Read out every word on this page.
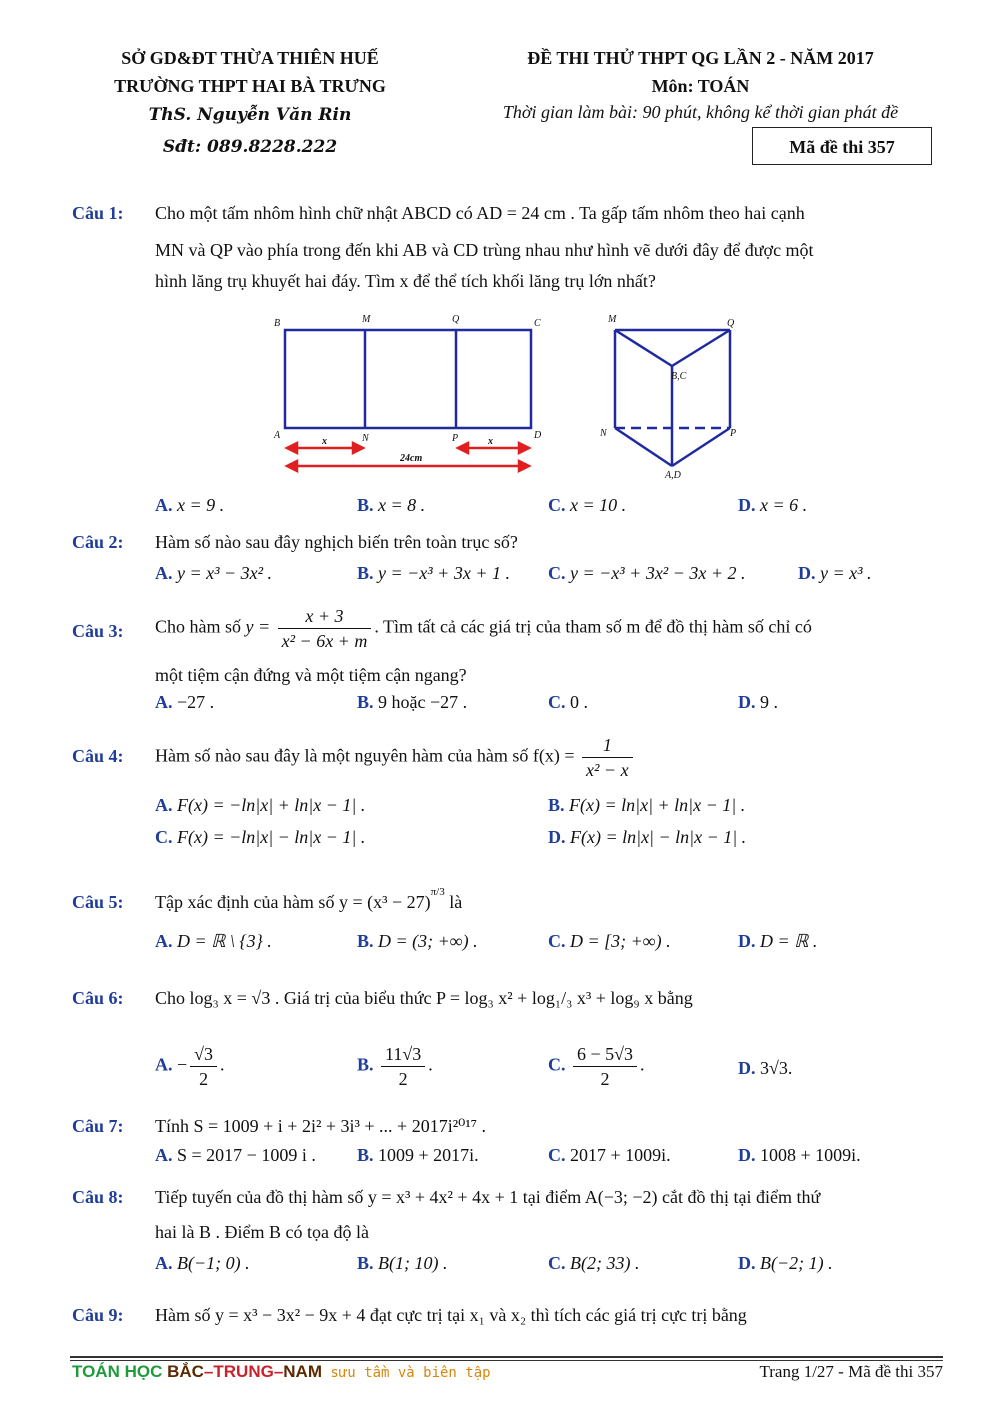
SỞ GD&ĐT THỪA THIÊN HUẾ
TRƯỜNG THPT HAI BÀ TRƯNG
ThS. Nguyễn Văn Rin
Sđt: 089.8228.222
ĐỀ THI THỬ THPT QG LẦN 2 - NĂM 2017
Môn: TOÁN
Thời gian làm bài: 90 phút, không kể thời gian phát đề
Mã đề thi 357
Câu 1: Cho một tấm nhôm hình chữ nhật ABCD có AD = 24 cm . Ta gấp tấm nhôm theo hai cạnh
MN và QP vào phía trong đến khi AB và CD trùng nhau như hình vẽ dưới đây để được một
hình lăng trụ khuyết hai đáy. Tìm x để thể tích khối lăng trụ lớn nhất?
B	M	Q	C
A	N	P	D
x	x
24cm
M	Q
B,C
N	P
A,D
A. x = 9 .	B. x = 8 .	C. x = 10 .	D. x = 6 .
Câu 2: Hàm số nào sau đây nghịch biến trên toàn trục số?
A. y = x³ − 3x² .	B. y = −x³ + 3x + 1 . C. y = −x³ + 3x² − 3x + 2 .	D. y = x³ .
Câu 3: Cho hàm số $y = \frac{x + 3}{\text{x² − 6x + m}}$ . Tìm tất cả các giá trị của tham số m để đồ thị hàm số chỉ có
một tiệm cận đứng và một tiệm cận ngang?
A. −27 .	B. 9 hoặc −27 .	C. 0 .	D. 9 .
Câu 4: Hàm số nào sau đây là một nguyên hàm của hàm số $f(x) = \frac{1}{\text{x² − x}}$
A. F(x) = −ln|x| + ln|x − 1| .	B. F(x) = ln|x| + ln|x − 1| .
C. F(x) = −ln|x| − ln|x − 1| .	D. F(x) = ln|x| − ln|x − 1| .
Câu 5: Tập xác định của hàm số $y = (x^3 - 27)^{\pi/3}$ là
A. D = ℝ \ {3} .	B. D = (3; +∞) .	C. D = [3; +∞) .	D. D = ℝ .
Câu 6: Cho log₃ x = √3 . Giá trị của biểu thức P = log₃ x² + log₁/₃ x³ + log₉ x bằng
A. − $\frac{√3}{2}$ .	B. $\frac{11√3}{2}$ .	C. $\frac{6 - 5√3}{2}$ .	D. 3√3.
Câu 7: Tính S = 1009 + i + 2i² + 3i³ + ... + 2017i²⁰¹⁷ .
A. S = 2017 − 1009 i . B. 1009 + 2017i.	C. 2017 + 1009i.	D. 1008 + 1009i.
Câu 8: Tiếp tuyến của đồ thị hàm số y = x³ + 4x² + 4x + 1 tại điểm A(−3; −2) cắt đồ thị tại điểm thứ
hai là B . Điểm B có tọa độ là
A. B(−1; 0) .	B. B(1; 10) .	C. B(2; 33) .	D. B(−2; 1) .
Câu 9: Hàm số y = x³ − 3x² − 9x + 4 đạt cực trị tại x₁ và x₂ thì tích các giá trị cực trị bằng
TOÁN HỌC BẮC–TRUNG–NAM sưu tầm và biên tập	Trang 1/27 - Mã đề thi 357
